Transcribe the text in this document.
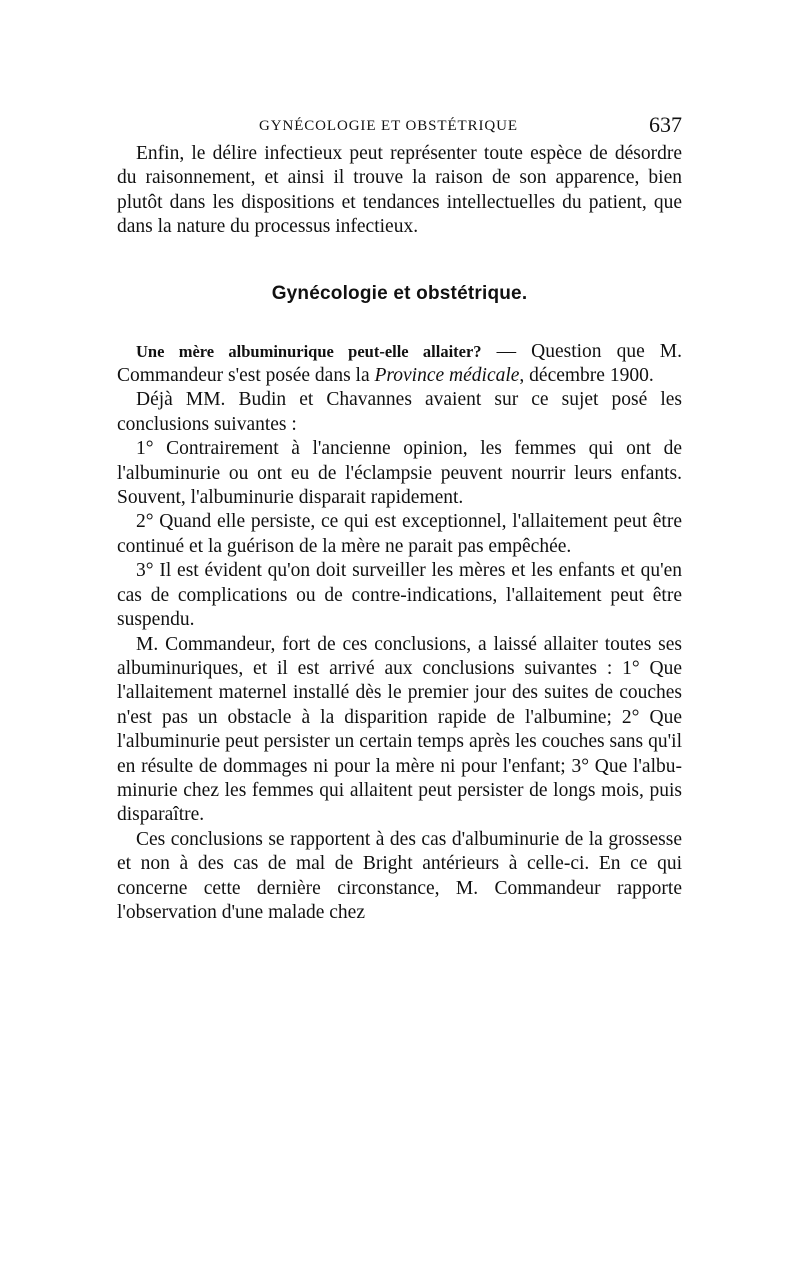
GYNÉCOLOGIE ET OBSTÉTRIQUE	637

Enfin, le délire infectieux peut représenter toute espèce de désordre du raisonnement, et ainsi il trouve la raison de son apparence, bien plutôt dans les dispositions et tendances intellectuelles du patient, que dans la nature du processus infectieux.

Gynécologie et obstétrique.

Une mère albuminurique peut-elle allaiter? — Question que M. Commandeur s'est posée dans la Province médicale, décembre 1900.

Déjà MM. Budin et Chavannes avaient sur ce sujet posé les conclusions suivantes :

1° Contrairement à l'ancienne opinion, les femmes qui ont de l'albuminurie ou ont eu de l'éclampsie peuvent nourrir leurs enfants. Souvent, l'albuminurie disparait rapidement.

2° Quand elle persiste, ce qui est exceptionnel, l'allaitement peut être continué et la guérison de la mère ne parait pas empêchée.

3° Il est évident qu'on doit surveiller les mères et les enfants et qu'en cas de complications ou de contre-indications, l'allaitement peut être suspendu.

M. Commandeur, fort de ces conclusions, a laissé allaiter toutes ses albuminuriques, et il est arrivé aux conclusions suivantes : 1° Que l'allaitement maternel installé dès le premier jour des suites de couches n'est pas un obstacle à la disparition rapide de l'albumine; 2° Que l'albuminurie peut persister un certain temps après les couches sans qu'il en résulte de dommages ni pour la mère ni pour l'enfant; 3° Que l'albuminurie chez les femmes qui allaitent peut persister de longs mois, puis disparaître.

Ces conclusions se rapportent à des cas d'albuminurie de la grossesse et non à des cas de mal de Bright antérieurs à celle-ci. En ce qui concerne cette dernière circonstance, M. Commandeur rapporte l'observation d'une malade chez
